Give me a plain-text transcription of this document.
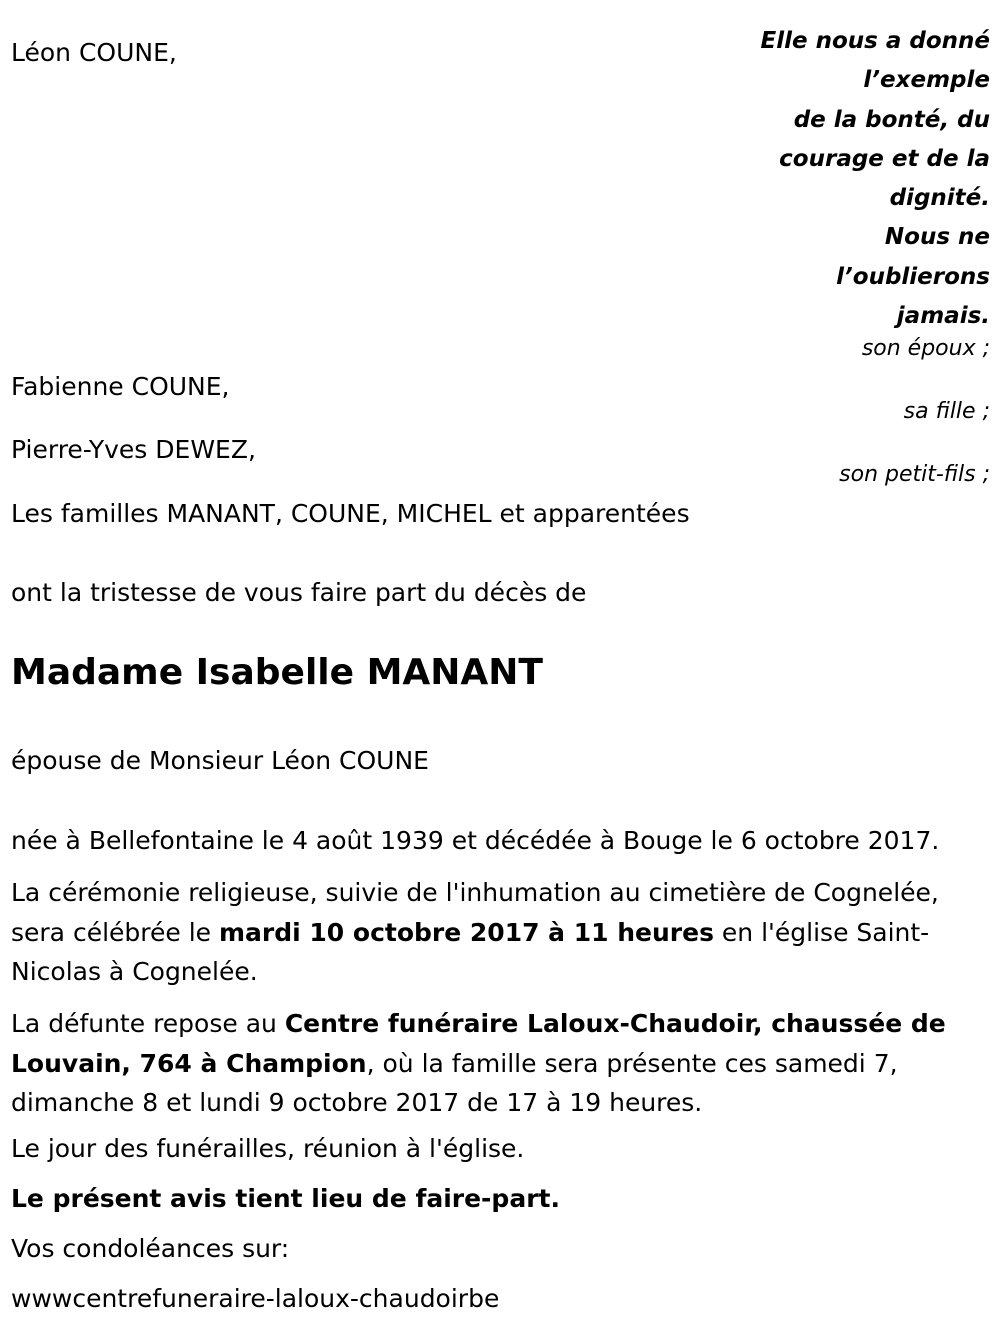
Léon COUNE,
Fabienne COUNE,
Pierre-Yves DEWEZ,
Les familles MANANT, COUNE, MICHEL et apparentées
Elle nous a donné
l’exemple
de la bonté, du
courage et de la
dignité.
Nous ne
l’oublierons
jamais.
son époux ;
sa fille ;
son petit-fils ;
ont la tristesse de vous faire part du décès de
Madame Isabelle MANANT
épouse de Monsieur Léon COUNE
née à Bellefontaine le 4 août 1939 et décédée à Bouge le 6 octobre 2017.
La cérémonie religieuse, suivie de l'inhumation au cimetière de Cognelée, sera célébrée le mardi 10 octobre 2017 à 11 heures en l'église Saint-Nicolas à Cognelée.
La défunte repose au Centre funéraire Laloux-Chaudoir, chaussée de Louvain, 764 à Champion, où la famille sera présente ces samedi 7, dimanche 8 et lundi 9 octobre 2017 de 17 à 19 heures.
Le jour des funérailles, réunion à l'église.
Le présent avis tient lieu de faire-part.
Vos condoléances sur:
wwwcentrefuneraire-laloux-chaudoirbe
